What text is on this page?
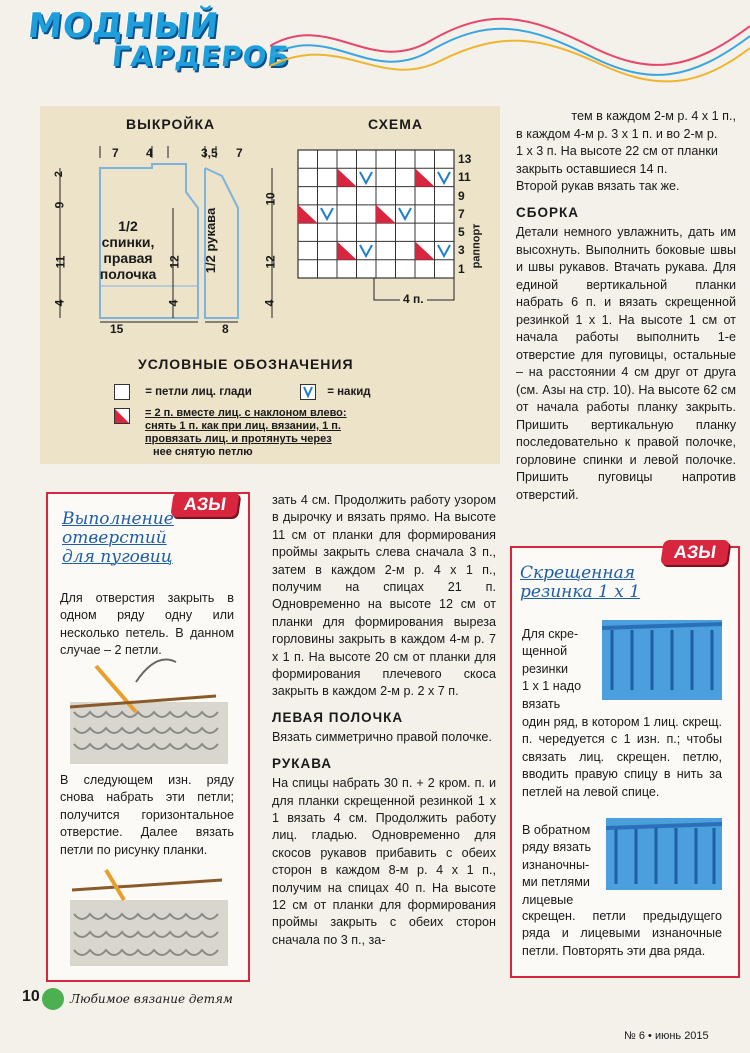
МОДНЫЙ
ГАРДЕРОБ
ВЫКРОЙКА	СХЕМА
7 4
2
9
11
4
12
4
15
1/2
спинки,
правая
полочка
3,5 7
10
12
4
8
1/2 рукава
13
11
9
7
5
3
1
раппорт
4 п.
УСЛОВНЫЕ ОБОЗНАЧЕНИЯ
= петли лиц. глади	= накид
= 2 п. вместе лиц. с наклоном влево:
снять 1 п. как при лиц. вязании, 1 п.
провязать лиц. и протянуть через
нее снятую петлю
тем в каждом 2-м р. 4 х 1 п.,
в каждом 4-м р. 3 х 1 п. и во 2-м р.
1 х 3 п. На высоте 22 см от планки
закрыть оставшиеся 14 п.
Второй рукав вязать так же.
СБОРКА

Детали немного увлажнить, дать им высохнуть. Выполнить боковые швы и швы рукавов. Втачать рукава. Для единой вертикальной планки набрать 6 п. и вязать скрещенной резинкой 1 х 1. На высоте 1 см от начала работы выполнить 1-е отверстие для пуговицы, остальные – на расстоянии 4 см друг от друга (см. Азы на стр. 10). На высоте 62 см от начала работы планку закрыть. Пришить вертикальную планку последовательно к правой полочке, горловине спинки и левой полочке. Пришить пуговицы напротив отверстий.

АЗЫ
Выполнение
отверстий
для пуговиц
Для отверстия закрыть в одном ряду одну или несколько петель. В данном случае – 2 петли.
В следующем изн. ряду снова набрать эти петли; получится горизонтальное отверстие. Далее вязать петли по рисунку планки.

зать 4 см. Продолжить работу узором в дырочку и вязать прямо. На высоте 11 см от планки для формирования проймы закрыть слева сначала 3 п., затем в каждом 2-м р. 4 х 1 п., получим на спицах 21 п. Одновременно на высоте 12 см от планки для формирования выреза горловины закрыть в каждом 4-м р. 7 х 1 п. На высоте 20 см от планки для формирования плечевого скоса закрыть в каждом 2-м р. 2 х 7 п.

ЛЕВАЯ ПОЛОЧКА

Вязать симметрично правой полочке.

РУКАВА

На спицы набрать 30 п. + 2 кром. п. и для планки скрещенной резинкой 1 х 1 вязать 4 см. Продолжить работу лиц. гладью. Одновременно для скосов рукавов прибавить с обеих сторон в каждом 8-м р. 4 х 1 п., получим на спицах 40 п. На высоте 12 см от планки для формирования проймы закрыть с обеих сторон сначала по 3 п., за-

АЗЫ
Скрещенная
резинка 1 х 1
Для скре-
щенной
резинки
1 х 1 надо
вязать
один ряд, в котором 1 лиц. скрещ. п. чередуется с 1 изн. п.; чтобы связать лиц. скрещен. петлю, вводить правую спицу в нить за петлей на левой спице.
В обратном
ряду вязать
изнаночны-
ми петлями
лицевые
скрещен. петли предыдущего ряда и лицевыми изнаночные петли. Повторять эти два ряда.
10	Любимое вязание детям
№ 6 • июнь 2015
